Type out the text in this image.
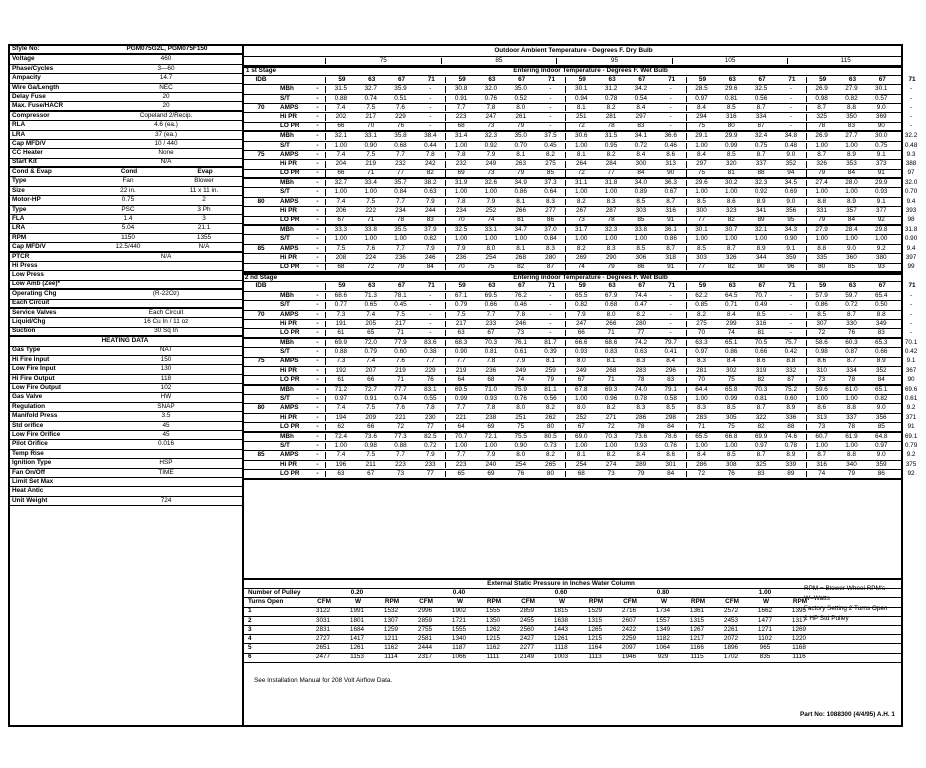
Style No:	PGM075G2L, PGM075F150
Voltage	460
Phase/Cycles	3—60
Ampacity	14.7
Wire Ga/Length	NEC
Delay Fuse	20
Max. Fuse/HACR	20
Compressor	Copeland 2/Recip.
RLA	4.6 (ea.)
LRA	37 (ea.)
Cap MFD/V	10 / 440
CC Heater	None
Start Kit	N/A
Cond & Evap	Cond	Evap
Type	Fan	Blower
Size	22 in.	11 x 11 in.
Motor-HP	0.75	2
Type	PSC	3 Ph
FLA	1.4	3
LRA	5.04	21.1
RPM	1150	1355
Cap MFD/V	12.5/440	N/A
PTCR	N/A
Hi Press
Low Press
Low Amb (Zee)*
Operating Chg	(R-22Oz)
Each Circuit
Service Valves	Each Circuit
Liquid/Chg	16 Cu In / 11 oz
Suction	30 Sq In
HEATING DATA
Gas Type	NAT
Hi Fire Input	150
Low Fire Input	130
Hi Fire Output	118
Low Fire Output	102
Gas Valve	HW
Regulation	SNAP
Manifold Press	3.5
Std orifice	45
Low Fire Orifice	45
Pilot Orifice	0.016
Temp Rise
Ignition Type	HSP
Fan On/Off	TIME
Limit Set Max
Heat Antic
Unit Weight	724
Outdoor Ambient Temperature - Degrees F. Dry Bulb
75	85	95	105	115
1 st Stage	Entering Indoor Temperature - Degrees F. Wet Bulb
IDB	59	63	67	71	59	63	67	71	59	63	67	71	59	63	67	71	59	63	67	71
MBh	-	31.5	32.7	35.9	-	30.8	32.0	35.0	-	30.1	31.2	34.2	-	28.5	29.6	32.5	-	26.9	27.9	30.1	-
S/T	-	0.88	0.74	0.51	-	0.91	0.76	0.52	-	0.94	0.78	0.54	-	0.97	0.81	0.56	-	0.98	0.82	0.57	-
70	AMPS	-	7.4	7.5	7.6	-	7.7	7.8	8.0	-	8.1	8.2	8.4	-	8.4	8.5	8.7	-	8.7	8.8	9.0	-
Hi PR	-	202	217	229	-	223	247	261	-	251	281	297	-	294	316	334	-	325	350	369	-
LO PR	-	66	70	76	-	68	73	79	-	72	78	83	-	75	80	87	-	78	83	90	-
MBh	-	32.1	33.1	35.8	38.4	31.4	32.3	35.0	37.5	30.6	31.5	34.1	36.6	29.1	29.9	32.4	34.8	26.9	27.7	30.0	32.2
S/T	-	1.00	0.90	0.68	0.44	1.00	0.92	0.70	0.45	1.00	0.95	0.72	0.46	1.00	0.99	0.75	0.48	1.00	1.00	0.75	0.48
75	AMPS	-	7.4	7.5	7.7	7.8	7.8	7.9	8.1	8.2	8.1	8.2	8.4	8.6	8.4	8.5	8.7	9.0	8.7	8.9	9.1	9.3
Hi PR	-	204	219	232	242	232	249	263	275	264	284	300	313	297	320	337	352	326	353	373	388
LO PR	-	66	71	77	82	69	73	79	85	72	77	84	90	75	81	88	94	79	84	91	97
MBh	-	32.7	33.4	35.7	38.2	31.9	32.6	34.9	37.3	31.1	31.8	34.0	36.3	29.6	30.2	32.3	34.5	27.4	28.0	29.9	32.0
S/T	-	1.00	1.00	0.84	0.63	1.00	1.00	0.86	0.64	1.00	1.00	0.89	0.67	1.00	1.00	0.92	0.69	1.00	1.00	0.93	0.70
80	AMPS	-	7.4	7.5	7.7	7.9	7.8	7.9	8.1	8.3	8.2	8.3	8.5	8.7	8.5	8.6	8.9	9.0	8.8	8.9	9.1	9.4
Hi PR	-	206	222	234	244	234	252	266	277	267	287	303	316	300	323	341	356	331	357	377	393
LO PR	-	67	71	78	83	70	74	81	86	73	78	85	91	77	82	89	95	79	84	92	98
MBh	-	33.3	33.8	35.5	37.9	32.5	33.1	34.7	37.0	31.7	32.3	33.8	36.1	30.1	30.7	32.1	34.3	27.9	28.4	29.8	31.8
S/T	-	1.00	1.00	1.00	0.82	1.00	1.00	1.00	0.84	1.00	1.00	1.00	0.86	1.00	1.00	1.00	0.90	1.00	1.00	1.00	0.90
85	AMPS	-	7.5	7.6	7.7	7.9	7.9	8.0	8.1	8.3	8.2	8.3	8.5	8.7	8.5	8.7	8.9	9.1	8.8	9.0	9.2	9.4
Hi PR	-	208	224	236	246	236	254	268	280	269	290	306	318	303	326	344	359	335	360	380	397
LO PR	-	68	72	79	84	70	75	82	87	74	79	86	91	77	82	90	96	80	85	93	99
2 nd Stage	Entering Indoor Temperature - Degrees F. Wet Bulb
IDB	59	63	67	71	59	63	67	71	59	63	67	71	59	63	67	71	59	63	67	71
MBh	-	68.6	71.3	78.1	-	67.1	69.5	76.2	-	65.5	67.9	74.4	-	62.2	64.5	70.7	-	57.9	59.7	65.4	-
S/T	-	0.77	0.65	0.45	-	0.79	0.66	0.46	-	0.82	0.68	0.47	-	0.85	0.71	0.49	-	0.86	0.72	0.50	-
70	AMPS	-	7.3	7.4	7.5	-	7.5	7.7	7.8	-	7.9	8.0	8.2	-	8.2	8.4	8.5	-	8.5	8.7	8.8	-
Hi PR	-	191	205	217	-	217	233	246	-	247	266	280	-	275	299	316	-	307	330	349	-
LO PR	-	61	65	71	-	63	67	73	-	66	71	77	-	70	74	81	-	72	76	83	-
MBh	-	69.9	72.0	77.9	83.6	68.3	70.3	76.1	81.7	66.6	68.6	74.2	79.7	63.3	65.1	70.5	75.7	58.6	60.3	65.3	70.1
S/T	-	0.88	0.79	0.60	0.38	0.90	0.81	0.61	0.39	0.93	0.83	0.63	0.41	0.97	0.86	0.66	0.42	0.98	0.87	0.66	0.42
75	AMPS	-	7.3	7.4	7.6	7.7	7.7	7.8	7.9	8.1	8.0	8.1	8.3	8.4	8.3	8.4	8.6	8.8	8.6	8.7	8.9	9.1
Hi PR	-	192	207	219	229	219	236	249	259	249	268	283	296	281	302	319	332	310	334	352	367
LO PR	-	61	66	71	76	64	68	74	79	67	71	78	83	70	75	82	87	73	78	84	90
MBh	-	71.2	72.7	77.7	83.1	69.5	71.0	75.9	81.1	67.8	69.3	74.0	79.1	64.4	65.8	70.3	75.2	59.6	61.0	65.1	69.6
S/T	-	0.97	0.91	0.74	0.55	0.99	0.93	0.76	0.56	1.00	0.96	0.78	0.58	1.00	0.99	0.81	0.60	1.00	1.00	0.82	0.61
80	AMPS	-	7.4	7.5	7.6	7.8	7.7	7.8	8.0	8.2	8.0	8.2	8.3	8.5	8.3	8.5	8.7	8.9	8.6	8.8	9.0	9.2
Hi PR	-	194	209	221	230	221	238	251	262	252	271	286	298	283	305	322	336	313	337	356	371
LO PR	-	62	66	72	77	64	69	75	80	67	72	78	84	71	75	82	88	73	78	85	91
MBh	-	72.4	73.6	77.3	82.5	70.7	72.1	75.5	80.5	69.0	70.3	73.6	78.6	65.5	66.8	69.9	74.6	60.7	61.9	64.8	69.1
S/T	-	1.00	0.98	0.88	0.72	1.00	1.00	0.90	0.73	1.00	1.00	0.93	0.76	1.00	1.00	0.97	0.78	1.00	1.00	0.97	0.79
85	AMPS	-	7.4	7.5	7.7	7.9	7.7	7.9	8.0	8.2	8.1	8.2	8.4	8.6	8.4	8.5	8.7	8.9	8.7	8.8	9.0	9.2
Hi PR	-	196	211	223	233	223	240	254	265	254	274	289	301	286	308	325	339	316	340	359	375
LO PR	-	63	67	73	77	65	69	76	80	68	73	79	84	72	76	83	89	74	79	86	92
External Static Pressure in Inches Water Column
Number of Pulley	0.20	0.40	0.60	0.80	1.00
Turns Open	CFM	W	RPM	CFM	W	RPM	CFM	W	RPM	CFM	W	RPM	CFM	W	RPM
1	3122	1991	1532	2996	1902	1555	2859	1815	1529	2716	1734	1361	2572	1662	1395
2	3031	1801	1307	2859	1721	1350	2455	1638	1315	2607	1557	1315	2453	1477	1317
3	2831	1684	1259	2755	1555	1262	2560	1443	1265	2422	1349	1267	2261	1271	1269
4	2727	1417	1211	2581	1340	1215	2427	1261	1215	2259	1182	1217	2072	1102	1220
5	2651	1261	1162	2444	1187	1162	2277	1118	1164	2097	1064	1166	1896	965	1168
6	2477	1153	1114	2317	1066	1111	2149	1003	1113	1946	929	1115	1702	835	1116
RPM = Blower Wheel RPM's
W=Watts
Factory Setting 2 Turns Open
2 HP Std Pulley
See Installation Manual for 208 Volt Airflow Data.
Part No: 1088300 (4/4/95) A.H. 1
